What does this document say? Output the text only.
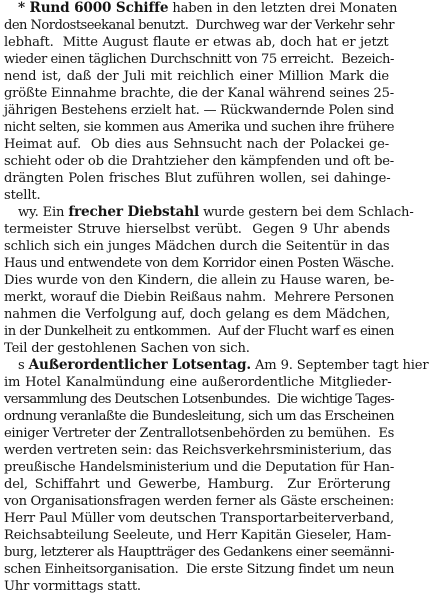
* Rund 6000 Schiffe haben in den letzten drei Monaten
den Nordostseekanal benutzt.  Durchweg war der Verkehr sehr
lebhaft.  Mitte August flaute er etwas ab, doch hat er jetzt
wieder einen täglichen Durchschnitt von 75 erreicht.  Bezeich-
nend ist, daß der Juli mit reichlich einer Million Mark die
größte Einnahme brachte, die der Kanal während seines 25-
jährigen Bestehens erzielt hat. — Rückwandernde Polen sind
nicht selten, sie kommen aus Amerika und suchen ihre frühere
Heimat auf.  Ob dies aus Sehnsucht nach der Polackei ge-
schieht oder ob die Drahtzieher den kämpfenden und oft be-
drängten Polen frisches Blut zuführen wollen, sei dahinge-
stellt.
wy. Ein frecher Diebstahl wurde gestern bei dem Schlach-
termeister Struve hierselbst verübt.  Gegen 9 Uhr abends
schlich sich ein junges Mädchen durch die Seitentür in das
Haus und entwendete von dem Korridor einen Posten Wäsche.
Dies wurde von den Kindern, die allein zu Hause waren, be-
merkt, worauf die Diebin Reißaus nahm.  Mehrere Personen
nahmen die Verfolgung auf, doch gelang es dem Mädchen,
in der Dunkelheit zu entkommen.  Auf der Flucht warf es einen
Teil der gestohlenen Sachen von sich.
s Außerordentlicher Lotsentag. Am 9. September tagt hier
im Hotel Kanalmündung eine außerordentliche Mitglieder-
versammlung des Deutschen Lotsenbundes.  Die wichtige Tages-
ordnung veranlaßte die Bundesleitung, sich um das Erscheinen
einiger Vertreter der Zentrallotsenbehörden zu bemühen.  Es
werden vertreten sein: das Reichsverkehrsministerium, das
preußische Handelsministerium und die Deputation für Han-
del, Schiffahrt und Gewerbe, Hamburg.  Zur Erörterung
von Organisationsfragen werden ferner als Gäste erscheinen:
Herr Paul Müller vom deutschen Transportarbeiterverband,
Reichsabteilung Seeleute, und Herr Kapitän Gieseler, Ham-
burg, letzterer als Hauptträger des Gedankens einer seemänni-
schen Einheitsorganisation.  Die erste Sitzung findet um neun
Uhr vormittags statt.
